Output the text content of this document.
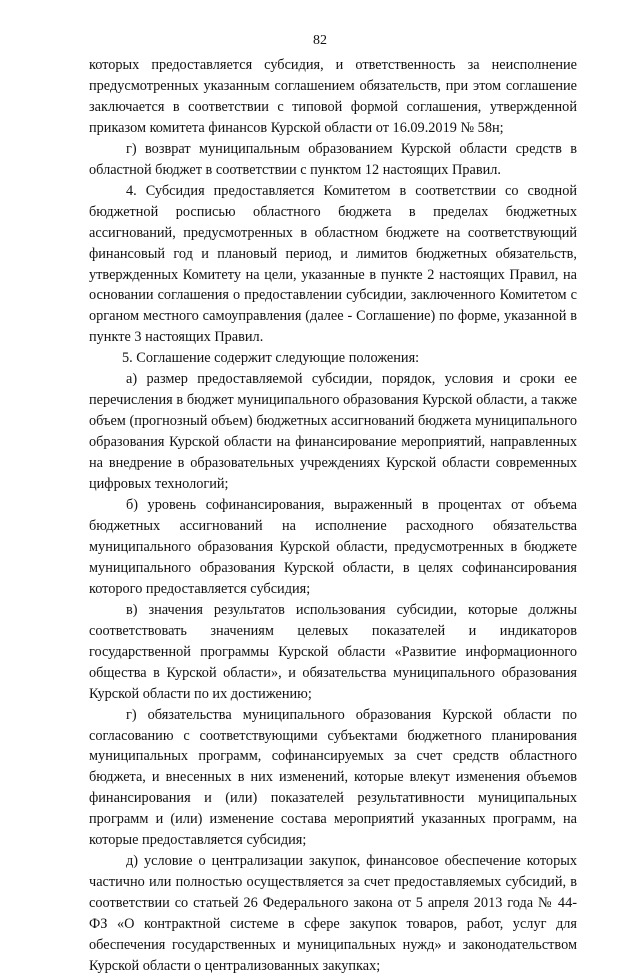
82

которых предоставляется субсидия, и ответственность за неисполнение предусмотренных указанным соглашением обязательств, при этом соглашение заключается в соответствии с типовой формой соглашения, утвержденной приказом комитета финансов Курской области от 16.09.2019 № 58н;

г) возврат муниципальным образованием Курской области средств в областной бюджет в соответствии с пунктом 12 настоящих Правил.

4. Субсидия предоставляется Комитетом в соответствии со сводной бюджетной росписью областного бюджета в пределах бюджетных ассигнований, предусмотренных в областном бюджете на соответствующий финансовый год и плановый период, и лимитов бюджетных обязательств, утвержденных Комитету на цели, указанные в пункте 2 настоящих Правил, на основании соглашения о предоставлении субсидии, заключенного Комитетом с органом местного самоуправления (далее - Соглашение) по форме, указанной в пункте 3 настоящих Правил.

5. Соглашение содержит следующие положения:

а) размер предоставляемой субсидии, порядок, условия и сроки ее перечисления в бюджет муниципального образования Курской области, а также объем (прогнозный объем) бюджетных ассигнований бюджета муниципального образования Курской области на финансирование мероприятий, направленных на внедрение в образовательных учреждениях Курской области современных цифровых технологий;

б) уровень софинансирования, выраженный в процентах от объема бюджетных ассигнований на исполнение расходного обязательства муниципального образования Курской области, предусмотренных в бюджете муниципального образования Курской области, в целях софинансирования которого предоставляется субсидия;

в) значения результатов использования субсидии, которые должны соответствовать значениям целевых показателей и индикаторов государственной программы Курской области «Развитие информационного общества в Курской области», и обязательства муниципального образования Курской области по их достижению;

г) обязательства муниципального образования Курской области по согласованию с соответствующими субъектами бюджетного планирования муниципальных программ, софинансируемых за счет средств областного бюджета, и внесенных в них изменений, которые влекут изменения объемов финансирования и (или) показателей результативности муниципальных программ и (или) изменение состава мероприятий указанных программ, на которые предоставляется субсидия;

д) условие о централизации закупок, финансовое обеспечение которых частично или полностью осуществляется за счет предоставляемых субсидий, в соответствии со статьей 26 Федерального закона от 5 апреля 2013 года № 44-ФЗ «О контрактной системе в сфере закупок товаров, работ, услуг для обеспечения государственных и муниципальных нужд» и законодательством Курской области о централизованных закупках;
